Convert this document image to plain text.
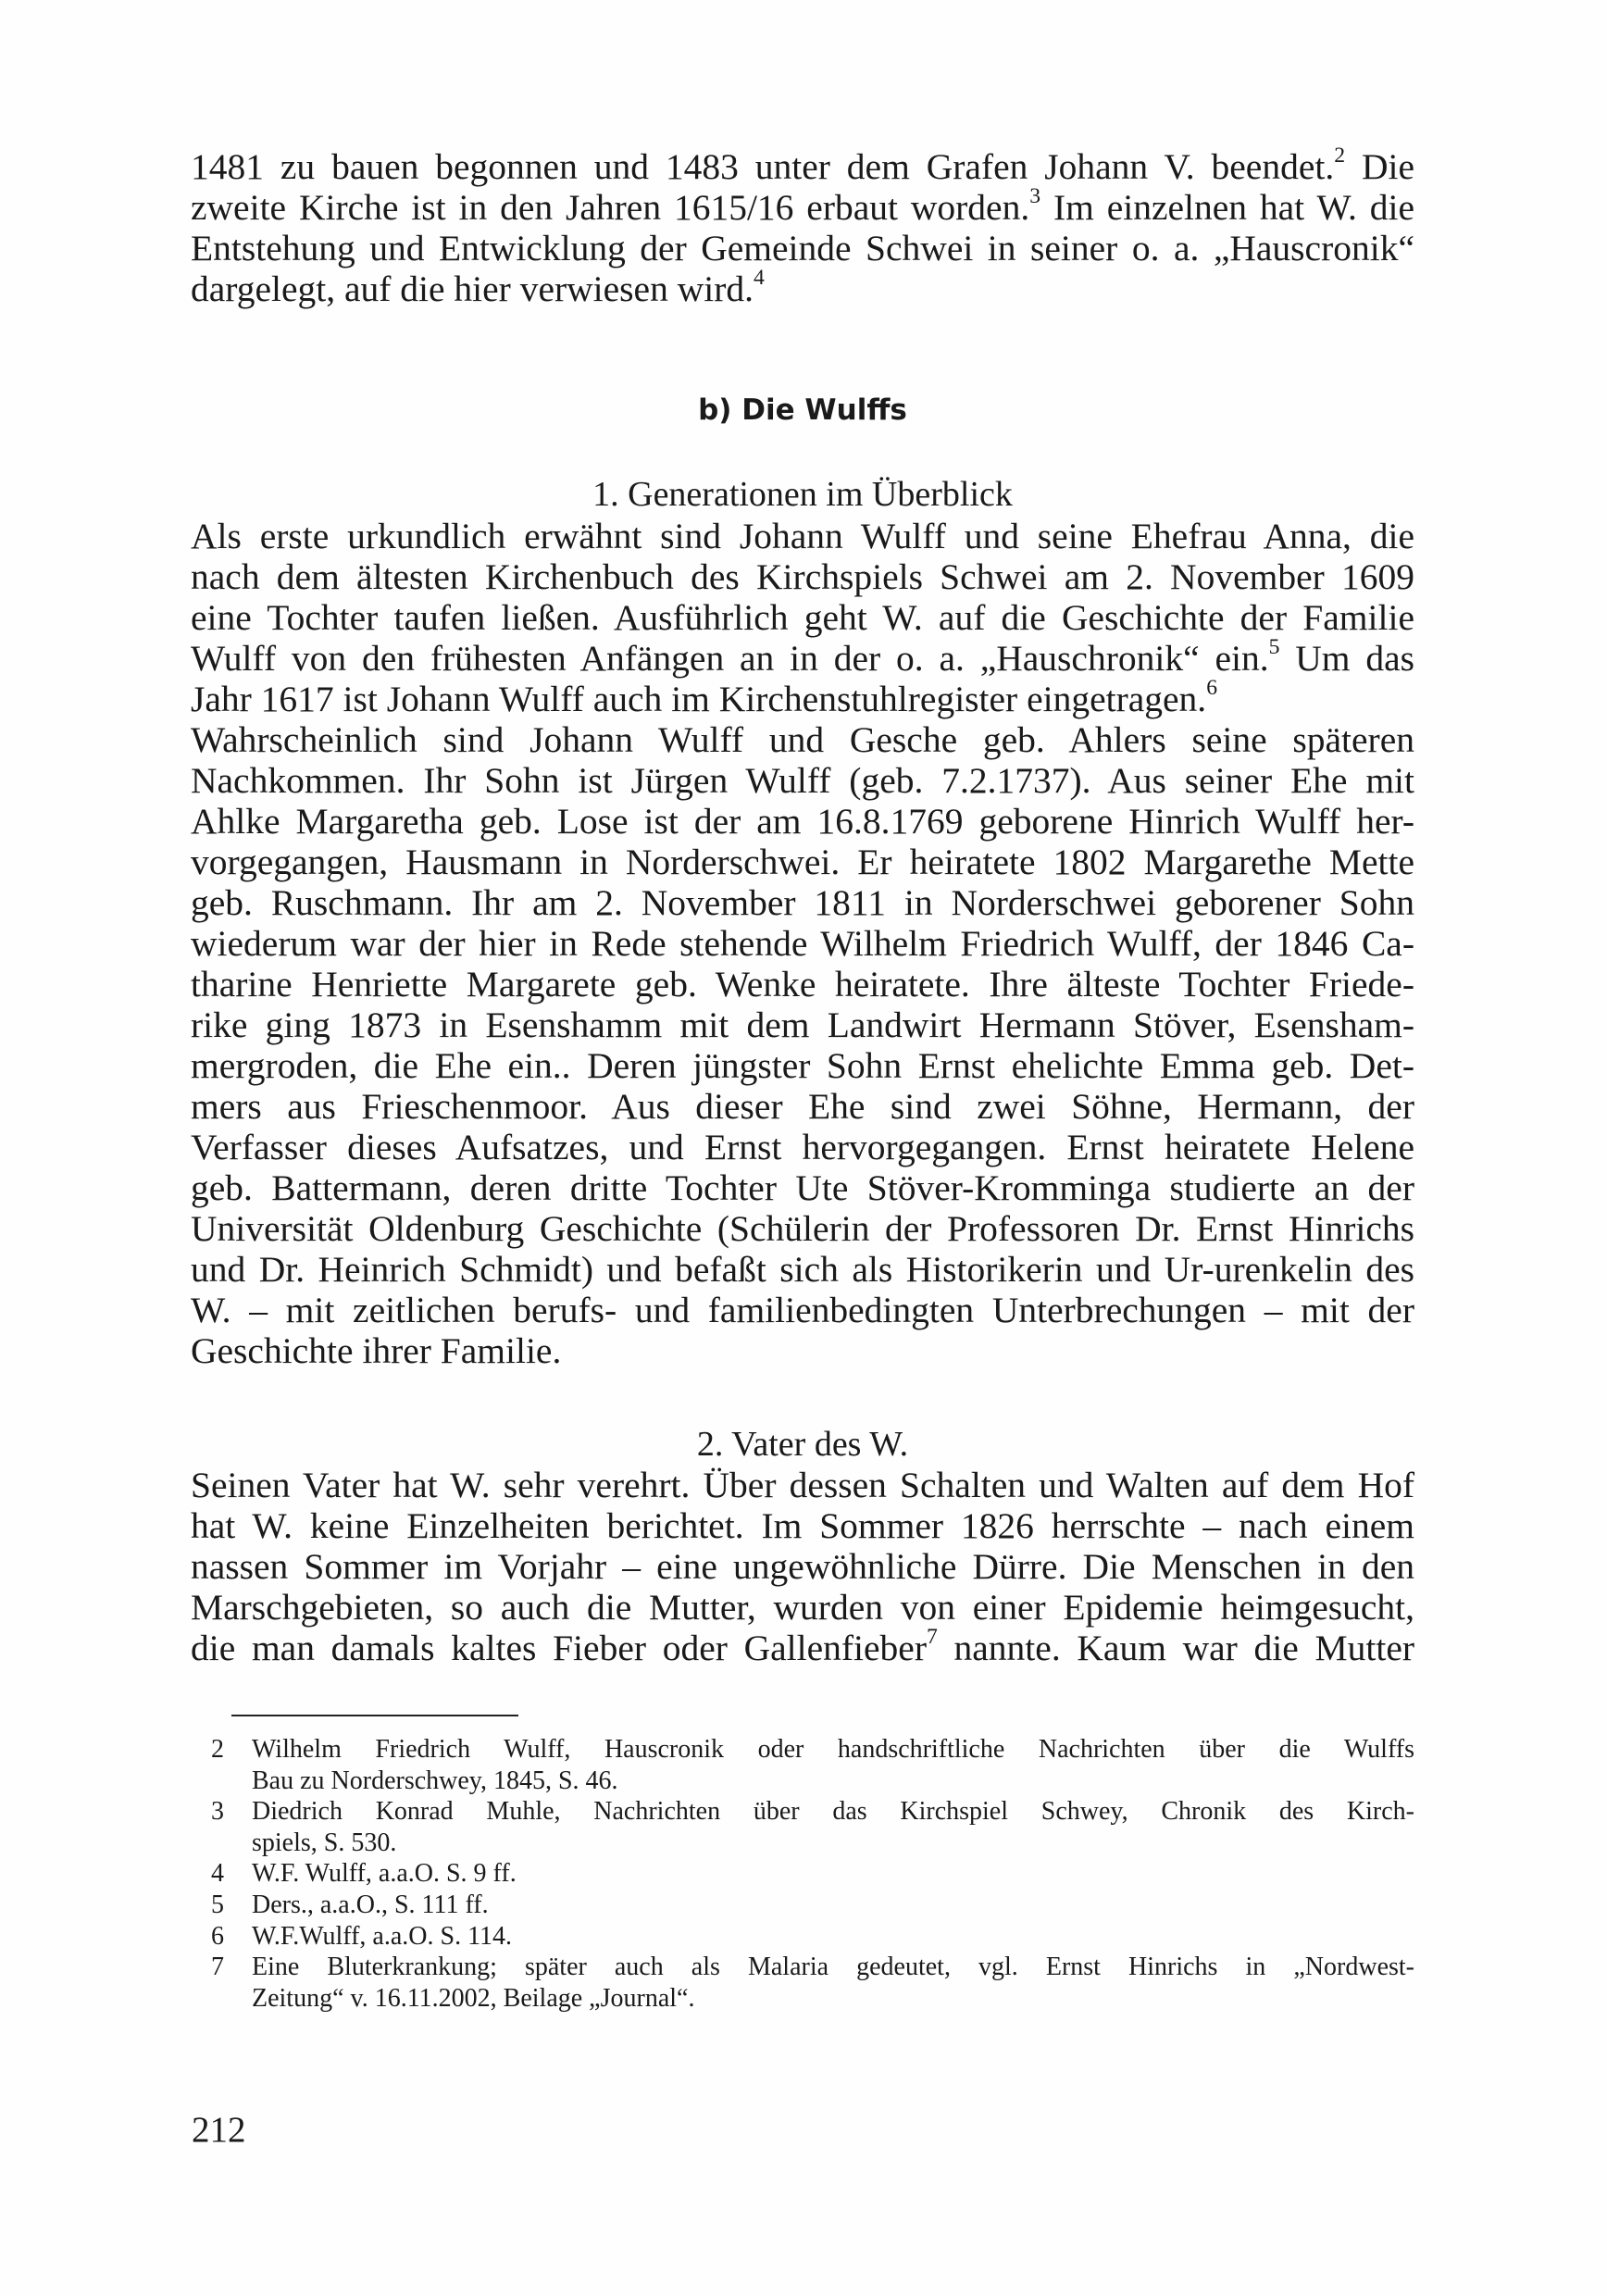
1481 zu bauen begonnen und 1483 unter dem Grafen Johann V. beendet.$^2$ Die
zweite Kirche ist in den Jahren 1615/16 erbaut worden.$^3$ Im einzelnen hat W. die
Entstehung und Entwicklung der Gemeinde Schwei in seiner o. a. „Hauscronik“
dargelegt, auf die hier verwiesen wird.$^4$
b) Die Wulffs
1. Generationen im Überblick
Als erste urkundlich erwähnt sind Johann Wulff und seine Ehefrau Anna, die
nach dem ältesten Kirchenbuch des Kirchspiels Schwei am 2. November 1609
eine Tochter taufen ließen. Ausführlich geht W. auf die Geschichte der Familie
Wulff von den frühesten Anfängen an in der o. a. „Hauschronik“ ein.$^5$ Um das
Jahr 1617 ist Johann Wulff auch im Kirchenstuhlregister eingetragen.$^6$
Wahrscheinlich sind Johann Wulff und Gesche geb. Ahlers seine späteren
Nachkommen. Ihr Sohn ist Jürgen Wulff (geb. 7.2.1737). Aus seiner Ehe mit
Ahlke Margaretha geb. Lose ist der am 16.8.1769 geborene Hinrich Wulff her-
vorgegangen, Hausmann in Norderschwei. Er heiratete 1802 Margarethe Mette
geb. Ruschmann. Ihr am 2. November 1811 in Norderschwei geborener Sohn
wiederum war der hier in Rede stehende Wilhelm Friedrich Wulff, der 1846 Ca-
tharine Henriette Margarete geb. Wenke heiratete. Ihre älteste Tochter Friede-
rike ging 1873 in Esenshamm mit dem Landwirt Hermann Stöver, Esensham-
mergroden, die Ehe ein.. Deren jüngster Sohn Ernst ehelichte Emma geb. Det-
mers aus Frieschenmoor. Aus dieser Ehe sind zwei Söhne, Hermann, der
Verfasser dieses Aufsatzes, und Ernst hervorgegangen. Ernst heiratete Helene
geb. Battermann, deren dritte Tochter Ute Stöver-Kromminga studierte an der
Universität Oldenburg Geschichte (Schülerin der Professoren Dr. Ernst Hinrichs
und Dr. Heinrich Schmidt) und befaßt sich als Historikerin und Ur-urenkelin des
W. – mit zeitlichen berufs- und familienbedingten Unterbrechungen – mit der
Geschichte ihrer Familie.
2. Vater des W.
Seinen Vater hat W. sehr verehrt. Über dessen Schalten und Walten auf dem Hof
hat W. keine Einzelheiten berichtet. Im Sommer 1826 herrschte – nach einem
nassen Sommer im Vorjahr – eine ungewöhnliche Dürre. Die Menschen in den
Marschgebieten, so auch die Mutter, wurden von einer Epidemie heimgesucht,
die man damals kaltes Fieber oder Gallenfieber$^7$ nannte. Kaum war die Mutter
2	Wilhelm Friedrich Wulff, Hauscronik oder handschriftliche Nachrichten über die Wulffs
Bau zu Norderschwey, 1845, S. 46.
3	Diedrich Konrad Muhle, Nachrichten über das Kirchspiel Schwey, Chronik des Kirch-
spiels, S. 530.
4	W.F. Wulff, a.a.O. S. 9 ff.
5	Ders., a.a.O., S. 111 ff.
6	W.F.Wulff, a.a.O. S. 114.
7	Eine Bluterkrankung; später auch als Malaria gedeutet, vgl. Ernst Hinrichs in „Nordwest-
Zeitung“ v. 16.11.2002, Beilage „Journal“.
212
